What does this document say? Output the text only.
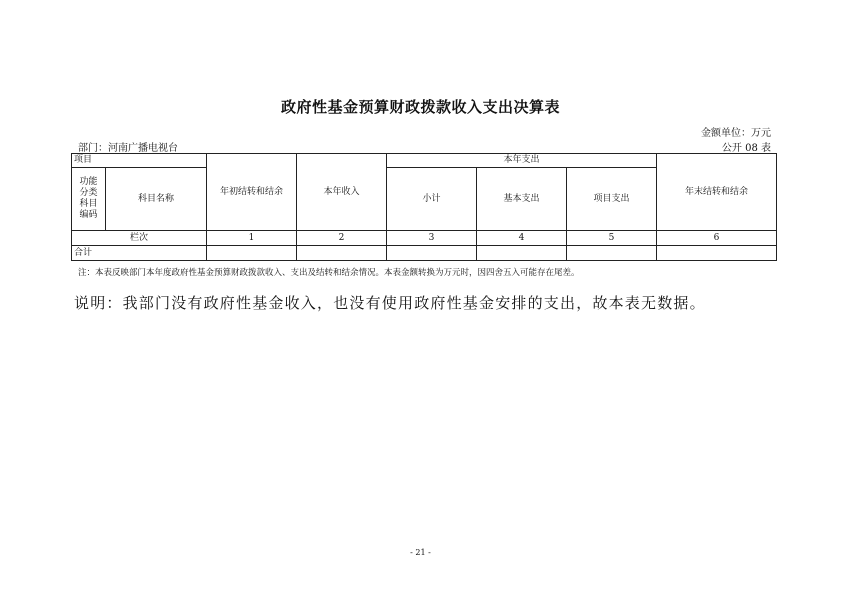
政府性基金预算财政拨款收入支出决算表
金额单位：万元
部门：河南广播电视台	公开 08 表
项目		年初结转和结余	本年收入	本年支出			年末结转和结余
功能
分类
科目
编码	科目名称			小计	基本支出	项目支出	
栏次		1	2	3	4	5	6
合计							
注：本表反映部门本年度政府性基金预算财政拨款收入、支出及结转和结余情况。本表金额转换为万元时，因四舍五入可能存在尾差。
说明：我部门没有政府性基金收入，也没有使用政府性基金安排的支出，故本表无数据。
- 21 -
